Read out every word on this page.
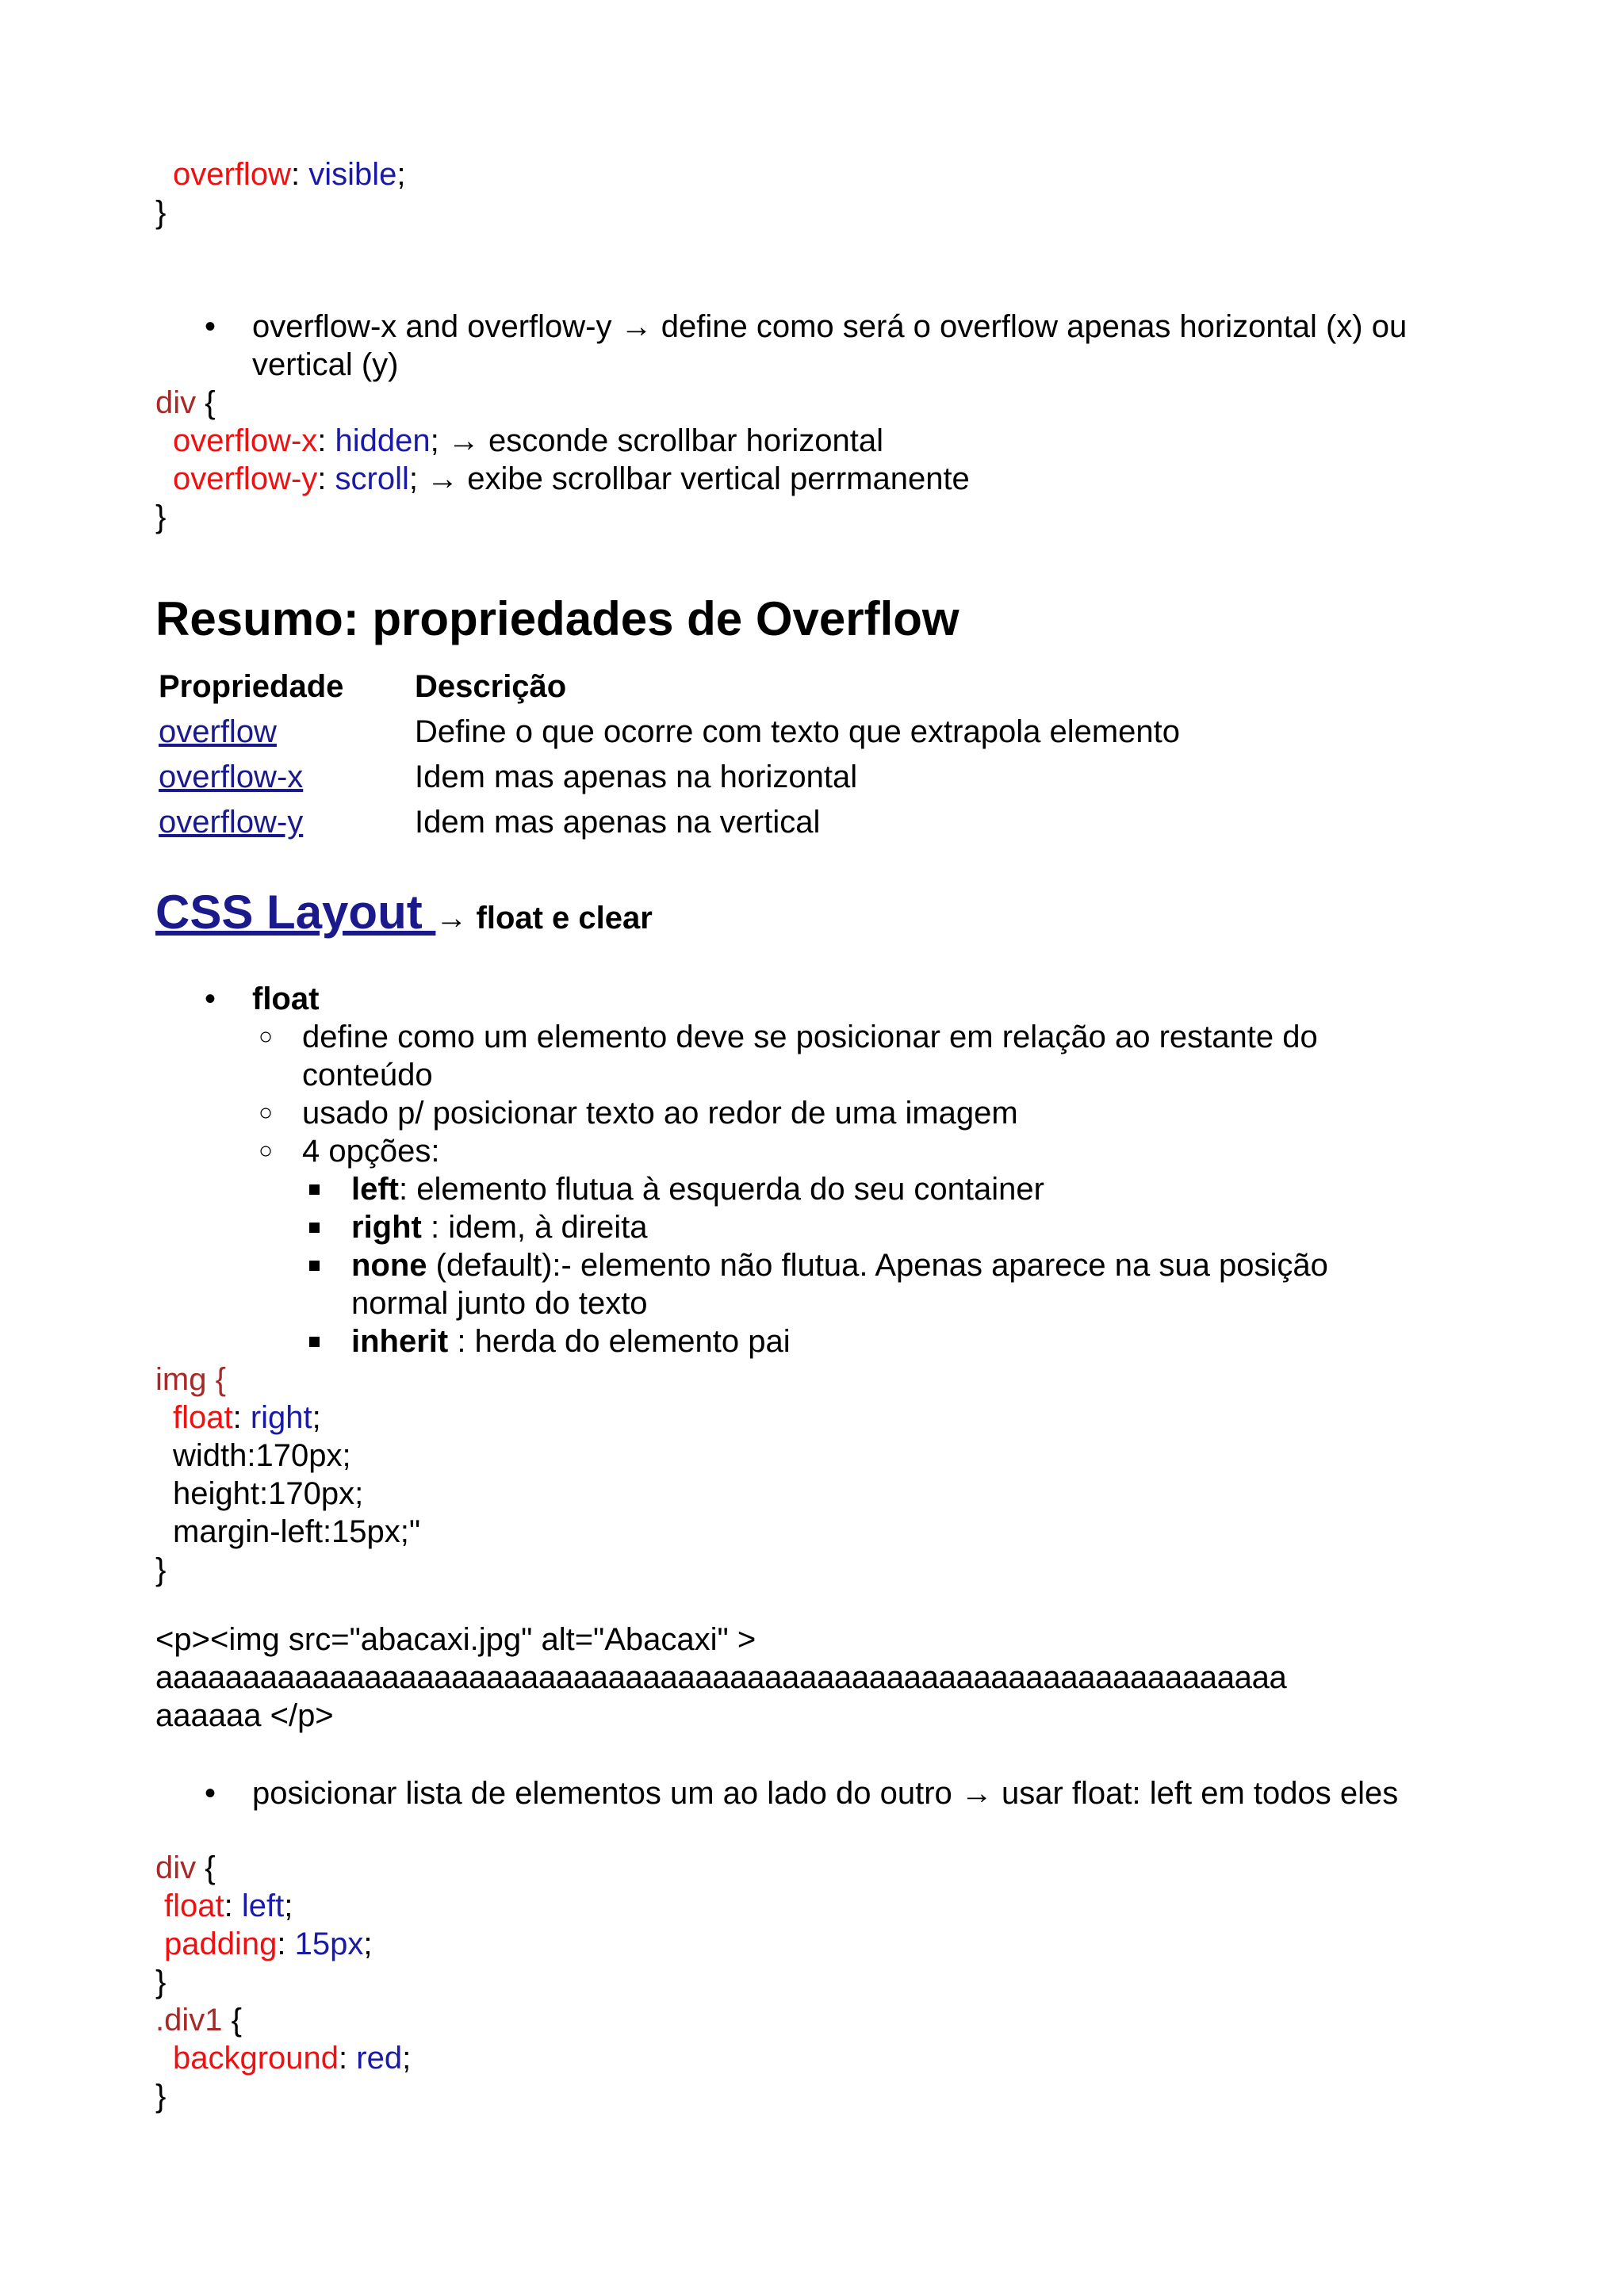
overflow: visible;

}

• overflow-x and overflow-y → define como será o overflow apenas horizontal (x) ou

vertical (y)

div {

overflow-x: hidden; → esconde scrollbar horizontal

overflow-y: scroll; → exibe scrollbar vertical perrmanente

}

Resumo: propriedades de Overflow

Propriedade Descrição

overflow	Define o que ocorre com texto que extrapola elemento

overflow-x	Idem mas apenas na horizontal

overflow-y	Idem mas apenas na vertical

CSS Layout → float e clear

• float

○ define como um elemento deve se posicionar em relação ao restante do

conteúdo

○ usado p/ posicionar texto ao redor de uma imagem

○ 4 opções:

left: elemento flutua à esquerda do seu container

right : idem, à direita

none (default):- elemento não flutua. Apenas aparece na sua posição

normal junto do texto

inherit : herda do elemento pai

img {

float: right;

width:170px;

height:170px;

margin-left:15px;"

}

<p><img src="abacaxi.jpg" alt="Abacaxi" >

aaaaaaaaaaaaaaaaaaaaaaaaaaaaaaaaaaaaaaaaaaaaaaaaaaaaaaaaaaaaaaaaa

aaaaaa </p>

• posicionar lista de elementos um ao lado do outro → usar float: left em todos eles

div {

float: left;

padding: 15px;

}

.div1 {

background: red;

}
